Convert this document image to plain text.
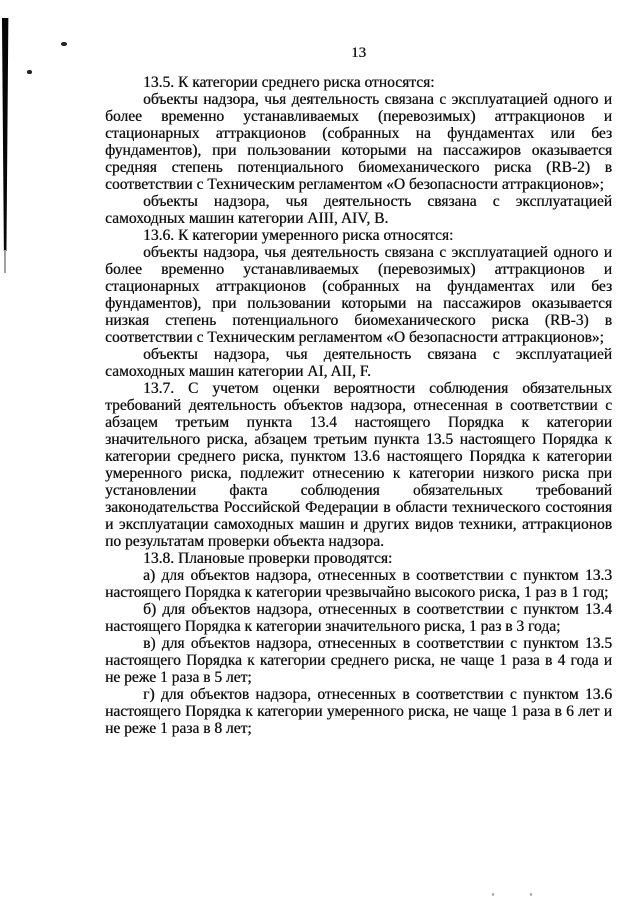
13

13.5. К категории среднего риска относятся:

объекты надзора, чья деятельность связана с эксплуатацией одного и более временно устанавливаемых (перевозимых) аттракционов и стационарных аттракционов (собранных на фундаментах или без фундаментов), при пользовании которыми на пассажиров оказывается средняя степень потенциального биомеханического риска (RB-2) в соответствии с Техническим регламентом «О безопасности аттракционов»;

объекты надзора, чья деятельность связана с эксплуатацией самоходных машин категории AIII, AIV, B.

13.6. К категории умеренного риска относятся:

объекты надзора, чья деятельность связана с эксплуатацией одного и более временно устанавливаемых (перевозимых) аттракционов и стационарных аттракционов (собранных на фундаментах или без фундаментов), при пользовании которыми на пассажиров оказывается низкая степень потенциального биомеханического риска (RB-3) в соответствии с Техническим регламентом «О безопасности аттракционов»;

объекты надзора, чья деятельность связана с эксплуатацией самоходных машин категории AI, AII, F.

13.7. С учетом оценки вероятности соблюдения обязательных требований деятельность объектов надзора, отнесенная в соответствии с абзацем третьим пункта 13.4 настоящего Порядка к категории значительного риска, абзацем третьим пункта 13.5 настоящего Порядка к категории среднего риска, пунктом 13.6 настоящего Порядка к категории умеренного риска, подлежит отнесению к категории низкого риска при установлении факта соблюдения обязательных требований законодательства Российской Федерации в области технического состояния и эксплуатации самоходных машин и других видов техники, аттракционов по результатам проверки объекта надзора.

13.8. Плановые проверки проводятся:

а) для объектов надзора, отнесенных в соответствии с пунктом 13.3 настоящего Порядка к категории чрезвычайно высокого риска, 1 раз в 1 год;

б) для объектов надзора, отнесенных в соответствии с пунктом 13.4 настоящего Порядка к категории значительного риска, 1 раз в 3 года;

в) для объектов надзора, отнесенных в соответствии с пунктом 13.5 настоящего Порядка к категории среднего риска, не чаще 1 раза в 4 года и не реже 1 раза в 5 лет;

г) для объектов надзора, отнесенных в соответствии с пунктом 13.6 настоящего Порядка к категории умеренного риска, не чаще 1 раза в 6 лет и не реже 1 раза в 8 лет;
